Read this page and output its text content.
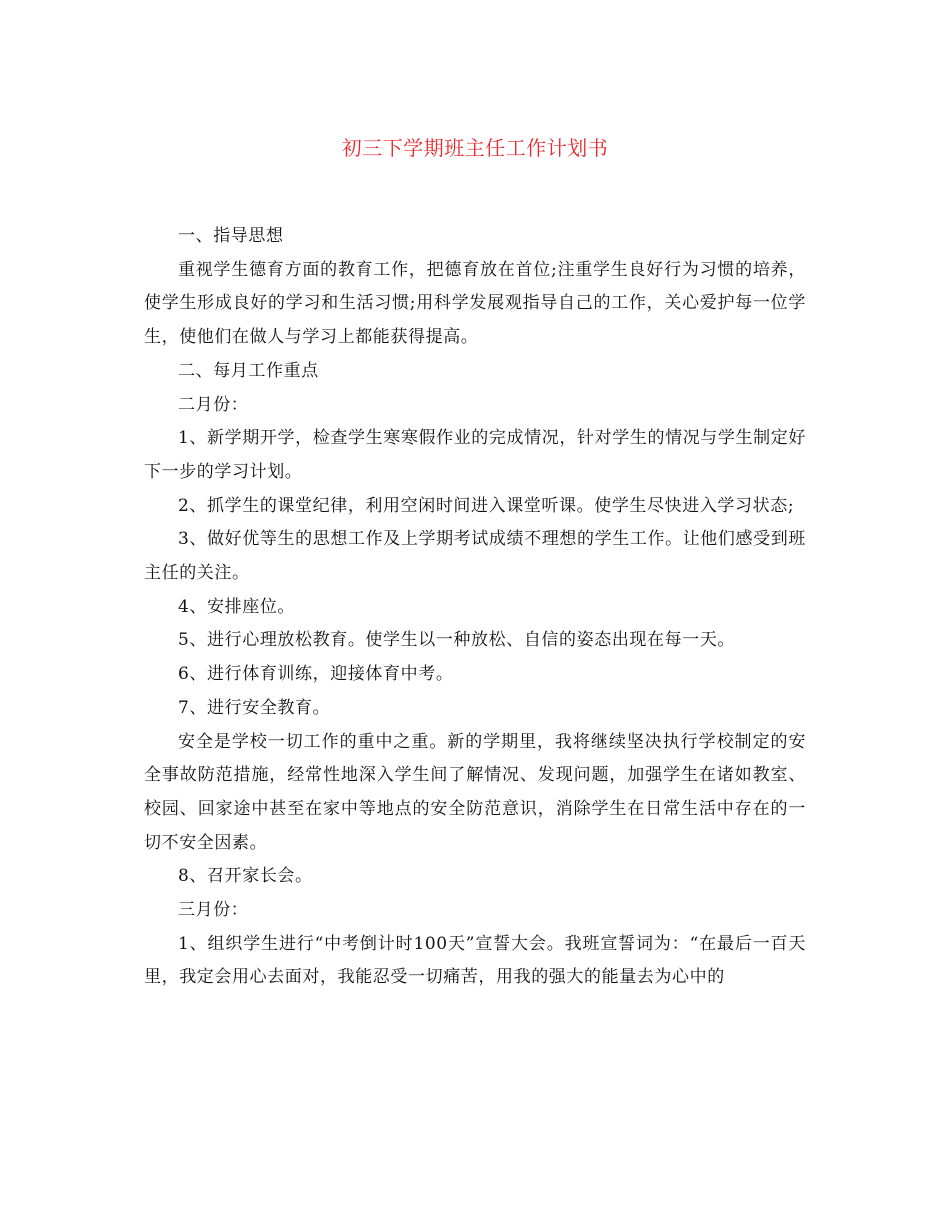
初三下学期班主任工作计划书

一、指导思想

重视学生德育方面的教育工作，把德育放在首位;注重学生良好行为习惯的培养，使学生形成良好的学习和生活习惯;用科学发展观指导自己的工作，关心爱护每一位学生，使他们在做人与学习上都能获得提高。

二、每月工作重点

二月份：

1、新学期开学，检查学生寒寒假作业的完成情况，针对学生的情况与学生制定好下一步的学习计划。

2、抓学生的课堂纪律，利用空闲时间进入课堂听课。使学生尽快进入学习状态;

3、做好优等生的思想工作及上学期考试成绩不理想的学生工作。让他们感受到班主任的关注。

4、安排座位。

5、进行心理放松教育。使学生以一种放松、自信的姿态出现在每一天。

6、进行体育训练，迎接体育中考。

7、进行安全教育。

安全是学校一切工作的重中之重。新的学期里，我将继续坚决执行学校制定的安全事故防范措施，经常性地深入学生间了解情况、发现问题，加强学生在诸如教室、校园、回家途中甚至在家中等地点的安全防范意识，消除学生在日常生活中存在的一切不安全因素。

8、召开家长会。

三月份：

1、组织学生进行“中考倒计时100天”宣誓大会。我班宣誓词为：“在最后一百天里，我定会用心去面对，我能忍受一切痛苦，用我的强大的能量去为心中的
